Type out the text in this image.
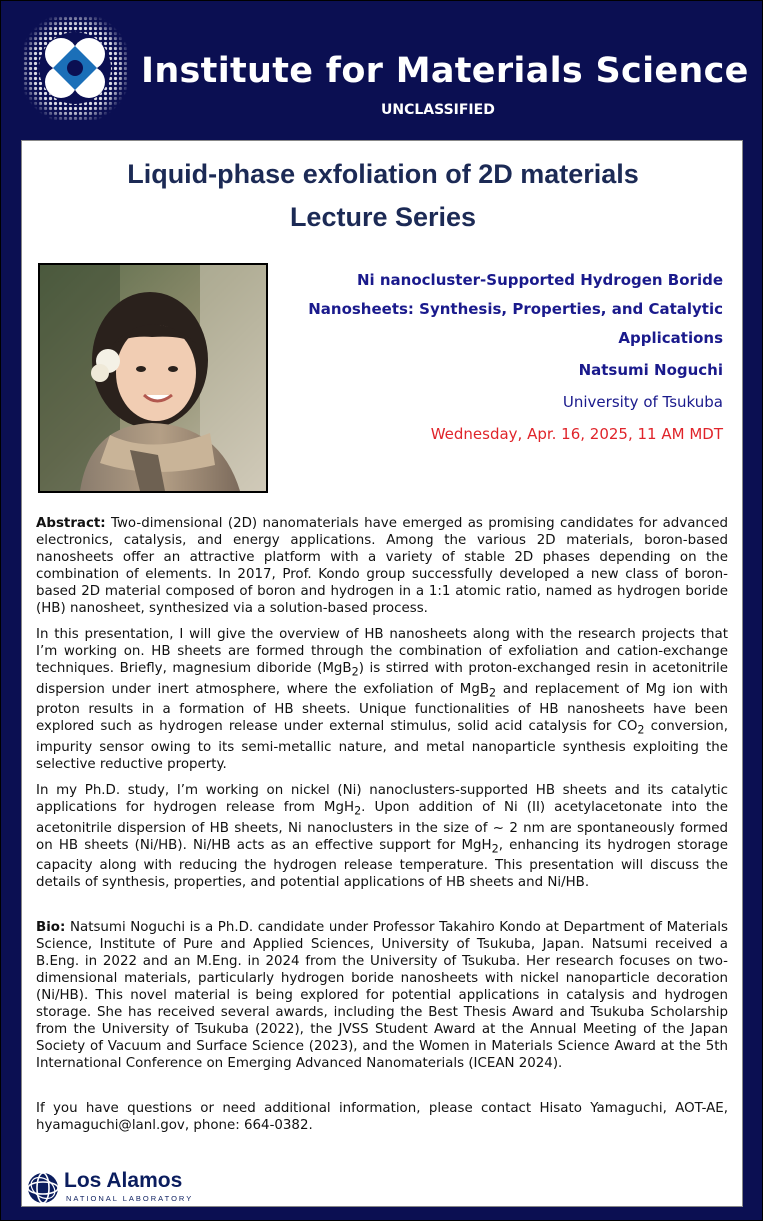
Institute for Materials Science
UNCLASSIFIED
Liquid-phase exfoliation of 2D materials
Lecture Series
Ni nanocluster-Supported Hydrogen Boride
Nanosheets: Synthesis, Properties, and Catalytic
Applications
Natsumi Noguchi
University of Tsukuba
Wednesday, Apr. 16, 2025, 11 AM MDT

Abstract: Two-dimensional (2D) nanomaterials have emerged as promising candidates for advanced electronics, catalysis, and energy applications. Among the various 2D materials, boron-based nanosheets offer an attractive platform with a variety of stable 2D phases depending on the combination of elements. In 2017, Prof. Kondo group successfully developed a new class of boron-based 2D material composed of boron and hydrogen in a 1:1 atomic ratio, named as hydrogen boride (HB) nanosheet, synthesized via a solution-based process.

In this presentation, I will give the overview of HB nanosheets along with the research projects that I’m working on. HB sheets are formed through the combination of exfoliation and cation-exchange techniques. Briefly, magnesium diboride (MgB$_2$) is stirred with proton-exchanged resin in acetonitrile dispersion under inert atmosphere, where the exfoliation of MgB$_2$ and replacement of Mg ion with proton results in a formation of HB sheets. Unique functionalities of HB nanosheets have been explored such as hydrogen release under external stimulus, solid acid catalysis for $CO_2$ conversion, impurity sensor owing to its semi-metallic nature, and metal nanoparticle synthesis exploiting the selective reductive property.

In my Ph.D. study, I’m working on nickel (Ni) nanoclusters-supported HB sheets and its catalytic applications for hydrogen release from MgH$_2$. Upon addition of Ni (II) acetylacetonate into the acetonitrile dispersion of HB sheets, Ni nanoclusters in the size of ~ 2 nm are spontaneously formed on HB sheets (Ni/HB). Ni/HB acts as an effective support for MgH$_2$, enhancing its hydrogen storage capacity along with reducing the hydrogen release temperature. This presentation will discuss the details of synthesis, properties, and potential applications of HB sheets and Ni/HB.

Bio: Natsumi Noguchi is a Ph.D. candidate under Professor Takahiro Kondo at Department of Materials Science, Institute of Pure and Applied Sciences, University of Tsukuba, Japan. Natsumi received a B.Eng. in 2022 and an M.Eng. in 2024 from the University of Tsukuba. Her research focuses on two-dimensional materials, particularly hydrogen boride nanosheets with nickel nanoparticle decoration (Ni/HB). This novel material is being explored for potential applications in catalysis and hydrogen storage. She has received several awards, including the Best Thesis Award and Tsukuba Scholarship from the University of Tsukuba (2022), the JVSS Student Award at the Annual Meeting of the Japan Society of Vacuum and Surface Science (2023), and the Women in Materials Science Award at the 5th International Conference on Emerging Advanced Nanomaterials (ICEAN 2024).

If you have questions or need additional information, please contact Hisato Yamaguchi, AOT-AE, hyamaguchi@lanl.gov, phone: 664-0382.

Los Alamos
NATIONAL LABORATORY
